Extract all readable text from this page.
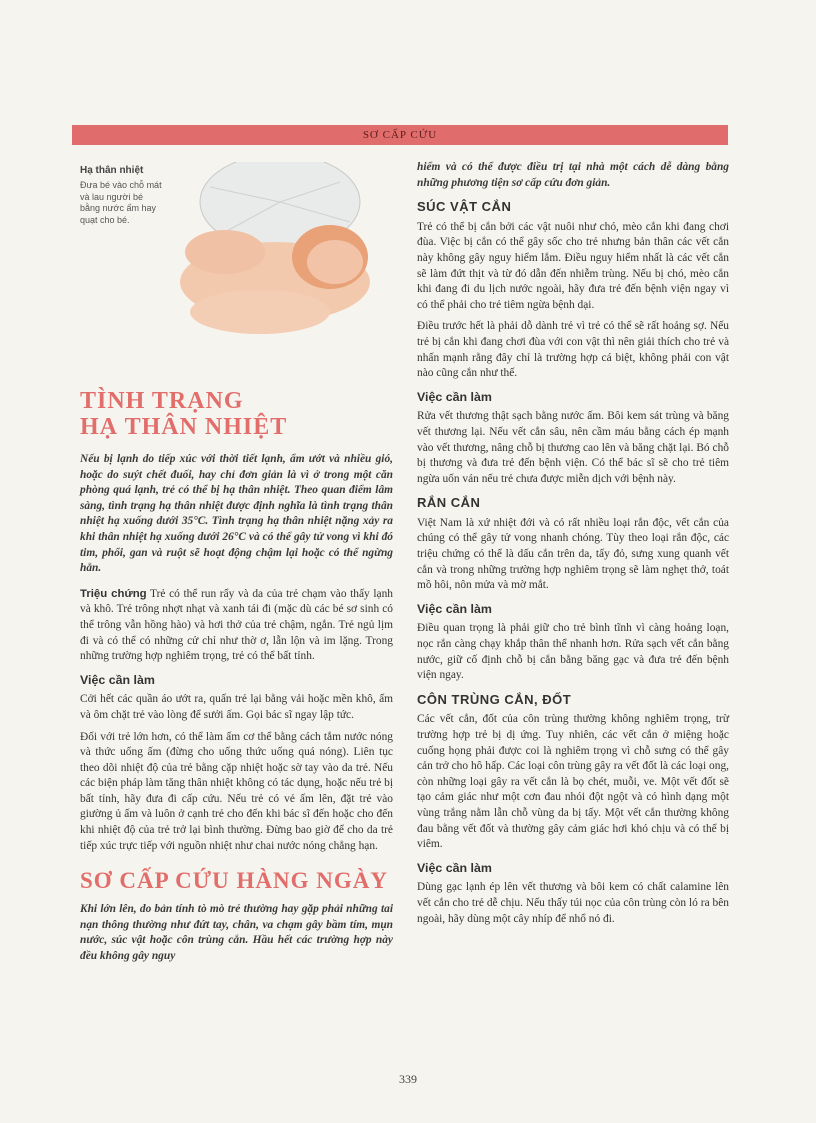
SƠ CẤP CỨU
Hạ thân nhiệt
Đưa bé vào chỗ mát và lau người bé bằng nước ấm hay quạt cho bé.
TÌNH TRẠNG
HẠ THÂN NHIỆT

Nếu bị lạnh do tiếp xúc với thời tiết lạnh, ẩm ướt và nhiều gió, hoặc do suýt chết đuối, hay chỉ đơn giản là vì ở trong một căn phòng quá lạnh, trẻ có thể bị hạ thân nhiệt. Theo quan điểm lâm sàng, tình trạng hạ thân nhiệt được định nghĩa là tình trạng thân nhiệt hạ xuống dưới 35°C. Tình trạng hạ thân nhiệt nặng xảy ra khi thân nhiệt hạ xuống dưới 26°C và có thể gây tử vong vì khi đó tim, phổi, gan và ruột sẽ hoạt động chậm lại hoặc có thể ngừng hẳn.

Triệu chứng Trẻ có thể run rẩy và da của trẻ chạm vào thấy lạnh và khô. Trẻ trông nhợt nhạt và xanh tái đi (mặc dù các bé sơ sinh có thể trông vẫn hồng hào) và hơi thở của trẻ chậm, ngắn. Trẻ ngủ lịm đi và có thể có những cử chỉ như thờ ơ, lẫn lộn và im lặng. Trong những trường hợp nghiêm trọng, trẻ có thể bất tỉnh.

Việc cần làm

Cởi hết các quần áo ướt ra, quấn trẻ lại bằng vải hoặc mền khô, ấm và ôm chặt trẻ vào lòng để sưởi ấm. Gọi bác sĩ ngay lập tức.

Đối với trẻ lớn hơn, có thể làm ấm cơ thể bằng cách tắm nước nóng và thức uống ấm (đừng cho uống thức uống quá nóng). Liên tục theo dõi nhiệt độ của trẻ bằng cặp nhiệt hoặc sờ tay vào da trẻ. Nếu các biện pháp làm tăng thân nhiệt không có tác dụng, hoặc nếu trẻ bị bất tỉnh, hãy đưa đi cấp cứu. Nếu trẻ có vẻ ấm lên, đặt trẻ vào giường ủ ấm và luôn ở cạnh trẻ cho đến khi bác sĩ đến hoặc cho đến khi nhiệt độ của trẻ trở lại bình thường. Đừng bao giờ để cho da trẻ tiếp xúc trực tiếp với nguồn nhiệt như chai nước nóng chẳng hạn.

SƠ CẤP CỨU HÀNG NGÀY

Khi lớn lên, do bản tính tò mò trẻ thường hay gặp phải những tai nạn thông thường như đứt tay, chân, va chạm gây bầm tím, mụn nước, súc vật hoặc côn trùng cắn. Hầu hết các trường hợp này đều không gây nguy

hiểm và có thể được điều trị tại nhà một cách dễ dàng bằng những phương tiện sơ cấp cứu đơn giản.

SÚC VẬT CẮN

Trẻ có thể bị cắn bởi các vật nuôi như chó, mèo cắn khi đang chơi đùa. Việc bị cắn có thể gây sốc cho trẻ nhưng bản thân các vết cắn này không gây nguy hiểm lắm. Điều nguy hiểm nhất là các vết cắn sẽ làm đứt thịt và từ đó dẫn đến nhiễm trùng. Nếu bị chó, mèo cắn khi đang đi du lịch nước ngoài, hãy đưa trẻ đến bệnh viện ngay vì có thể phải cho trẻ tiêm ngừa bệnh dại.

Điều trước hết là phải dỗ dành trẻ vì trẻ có thể sẽ rất hoảng sợ. Nếu trẻ bị cắn khi đang chơi đùa với con vật thì nên giải thích cho trẻ và nhấn mạnh rằng đây chỉ là trường hợp cá biệt, không phải con vật nào cũng cắn như thế.

Việc cần làm

Rửa vết thương thật sạch bằng nước ấm. Bôi kem sát trùng và băng vết thương lại. Nếu vết cắn sâu, nên cầm máu bằng cách ép mạnh vào vết thương, nâng chỗ bị thương cao lên và băng chặt lại. Bó chỗ bị thương và đưa trẻ đến bệnh viện. Có thể bác sĩ sẽ cho trẻ tiêm ngừa uốn ván nếu trẻ chưa được miễn dịch với bệnh này.

RẮN CẮN

Việt Nam là xứ nhiệt đới và có rất nhiều loại rắn độc, vết cắn của chúng có thể gây tử vong nhanh chóng. Tùy theo loại rắn độc, các triệu chứng có thể là dấu cắn trên da, tấy đỏ, sưng xung quanh vết cắn và trong những trường hợp nghiêm trọng sẽ làm nghẹt thở, toát mồ hôi, nôn mửa và mờ mắt.

Việc cần làm

Điều quan trọng là phải giữ cho trẻ bình tĩnh vì càng hoảng loạn, nọc rắn càng chạy khắp thân thể nhanh hơn. Rửa sạch vết cắn bằng nước, giữ cố định chỗ bị cắn bằng băng gạc và đưa trẻ đến bệnh viện ngay.

CÔN TRÙNG CẮN, ĐỐT

Các vết cắn, đốt của côn trùng thường không nghiêm trọng, trừ trường hợp trẻ bị dị ứng. Tuy nhiên, các vết cắn ở miệng hoặc cuống họng phải được coi là nghiêm trọng vì chỗ sưng có thể gây cản trở cho hô hấp. Các loại côn trùng gây ra vết đốt là các loại ong, còn những loại gây ra vết cắn là bọ chét, muỗi, ve. Một vết đốt sẽ tạo cảm giác như một cơn đau nhói đột ngột và có hình dạng một vùng trắng nằm lẫn chỗ vùng da bị tấy. Một vết cắn thường không đau bằng vết đốt và thường gây cảm giác hơi khó chịu và có thể bị viêm.

Việc cần làm

Dùng gạc lạnh ép lên vết thương và bôi kem có chất calamine lên vết cắn cho trẻ dễ chịu. Nếu thấy túi nọc của côn trùng còn ló ra bên ngoài, hãy dùng một cây nhíp để nhổ nó đi.

339
